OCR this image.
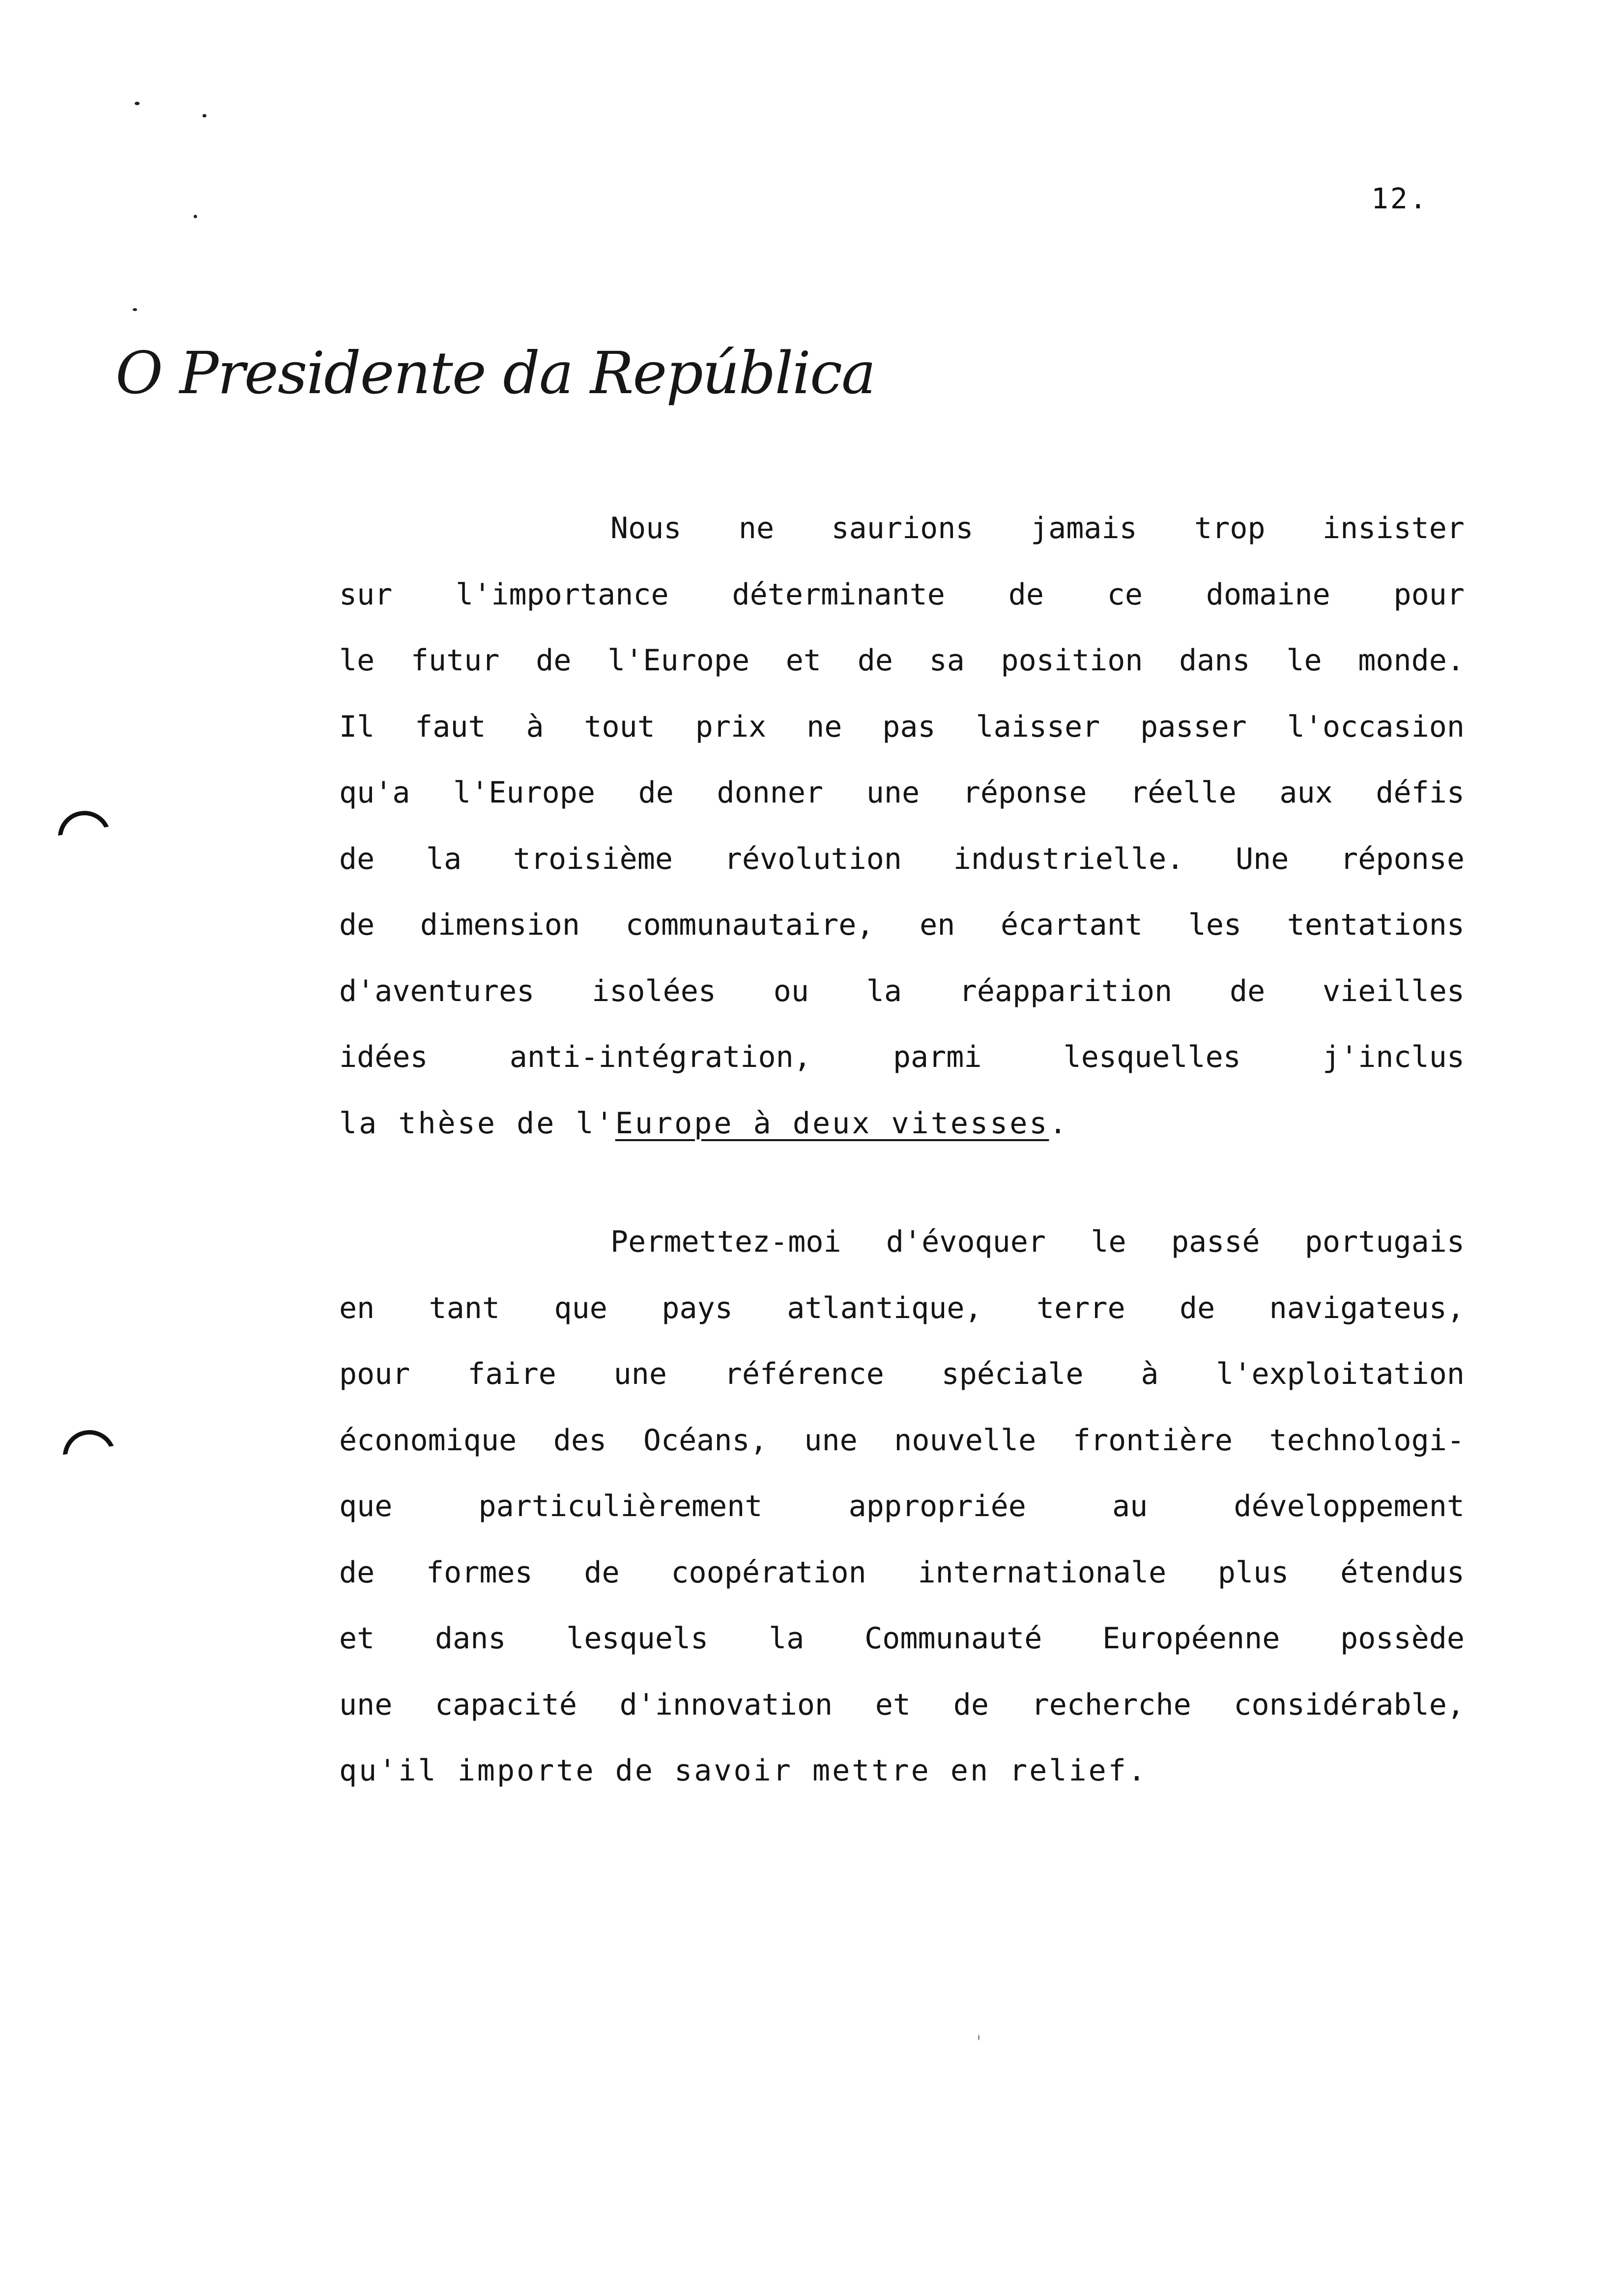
12.
O Presidente da República
Nous ne saurions jamais trop insister
sur l'importance déterminante de ce domaine pour
le futur de l'Europe et de sa position dans le monde.
Il faut à tout prix ne pas laisser passer l'occasion
qu'a l'Europe de donner une réponse réelle aux défis
de la troisième révolution industrielle. Une réponse
de dimension communautaire, en écartant les tentations
d'aventures isolées ou la réapparition de vieilles
idées anti-intégration, parmi lesquelles j'inclus
la thèse de l'Europe à deux vitesses.
Permettez-moi d'évoquer le passé portugais
en tant que pays atlantique, terre de navigateus,
pour faire une référence spéciale à l'exploitation
économique des Océans, une nouvelle frontière technologi-
que particulièrement appropriée au développement
de formes de coopération internationale plus étendus
et dans lesquels la Communauté Européenne possède
une capacité d'innovation et de recherche considérable,
qu'il importe de savoir mettre en relief.
